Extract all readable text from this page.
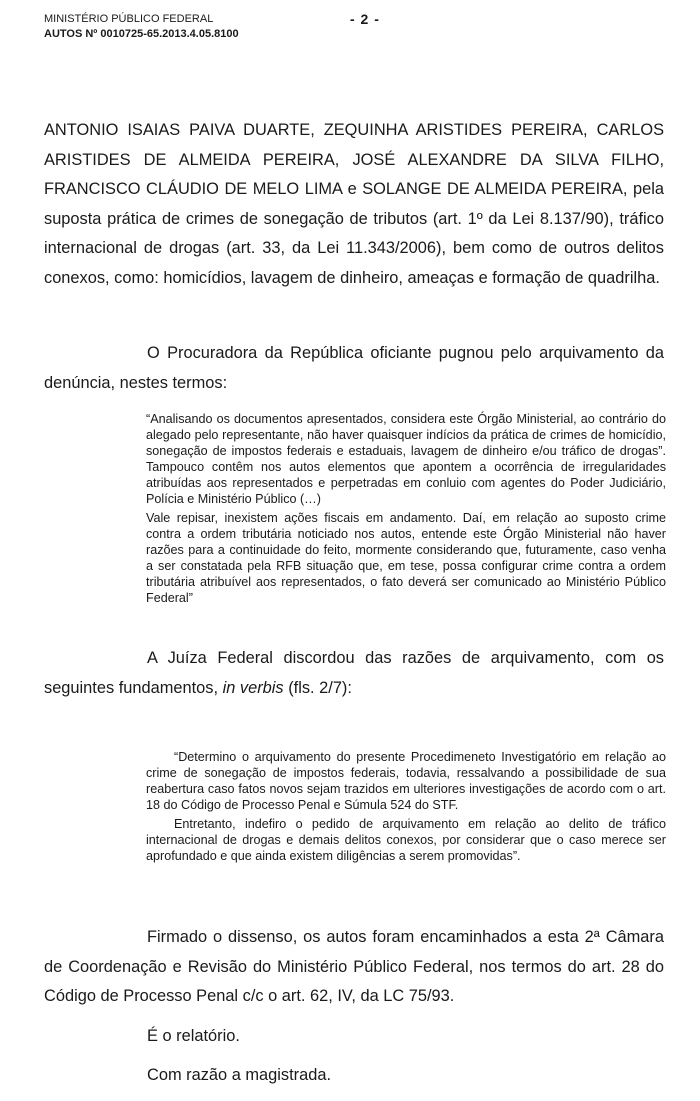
MINISTÉRIO PÚBLICO FEDERAL
AUTOS Nº 0010725-65.2013.4.05.8100
- 2 -
ANTONIO ISAIAS PAIVA DUARTE, ZEQUINHA ARISTIDES PEREIRA, CARLOS ARISTIDES DE ALMEIDA PEREIRA, JOSÉ ALEXANDRE DA SILVA FILHO, FRANCISCO CLÁUDIO DE MELO LIMA e SOLANGE DE ALMEIDA PEREIRA, pela suposta prática de crimes de sonegação de tributos (art. 1º da Lei 8.137/90), tráfico internacional de drogas (art. 33, da Lei 11.343/2006), bem como de outros delitos conexos, como: homicídios, lavagem de dinheiro, ameaças e formação de quadrilha.
O Procuradora da República oficiante pugnou pelo arquivamento da denúncia, nestes termos:

“Analisando os documentos apresentados, considera este Órgão Ministerial, ao contrário do alegado pelo representante, não haver quaisquer indícios da prática de crimes de homicídio, sonegação de impostos federais e estaduais, lavagem de dinheiro e/ou tráfico de drogas”. Tampouco contêm nos autos elementos que apontem a ocorrência de irregularidades atribuídas aos representados e perpetradas em conluio com agentes do Poder Judiciário, Polícia e Ministério Público (…)

Vale repisar, inexistem ações fiscais em andamento. Daí, em relação ao suposto crime contra a ordem tributária noticiado nos autos, entende este Órgão Ministerial não haver razões para a continuidade do feito, mormente considerando que, futuramente, caso venha a ser constatada pela RFB situação que, em tese, possa configurar crime contra a ordem tributária atribuível aos representados, o fato deverá ser comunicado ao Ministério Público Federal”

A Juíza Federal discordou das razões de arquivamento, com os seguintes fundamentos, in verbis (fls. 2/7):

“Determino o arquivamento do presente Procedimeneto Investigatório em relação ao crime de sonegação de impostos federais, todavia, ressalvando a possibilidade de sua reabertura caso fatos novos sejam trazidos em ulteriores investigações de acordo com o art. 18 do Código de Processo Penal e Súmula 524 do STF.

Entretanto, indefiro o pedido de arquivamento em relação ao delito de tráfico internacional de drogas e demais delitos conexos, por considerar que o caso merece ser aprofundado e que ainda existem diligências a serem promovidas”.

Firmado o dissenso, os autos foram encaminhados a esta 2ª Câmara de Coordenação e Revisão do Ministério Público Federal, nos termos do art. 28 do Código de Processo Penal c/c o art. 62, IV, da LC 75/93.
É o relatório.
Com razão a magistrada.
